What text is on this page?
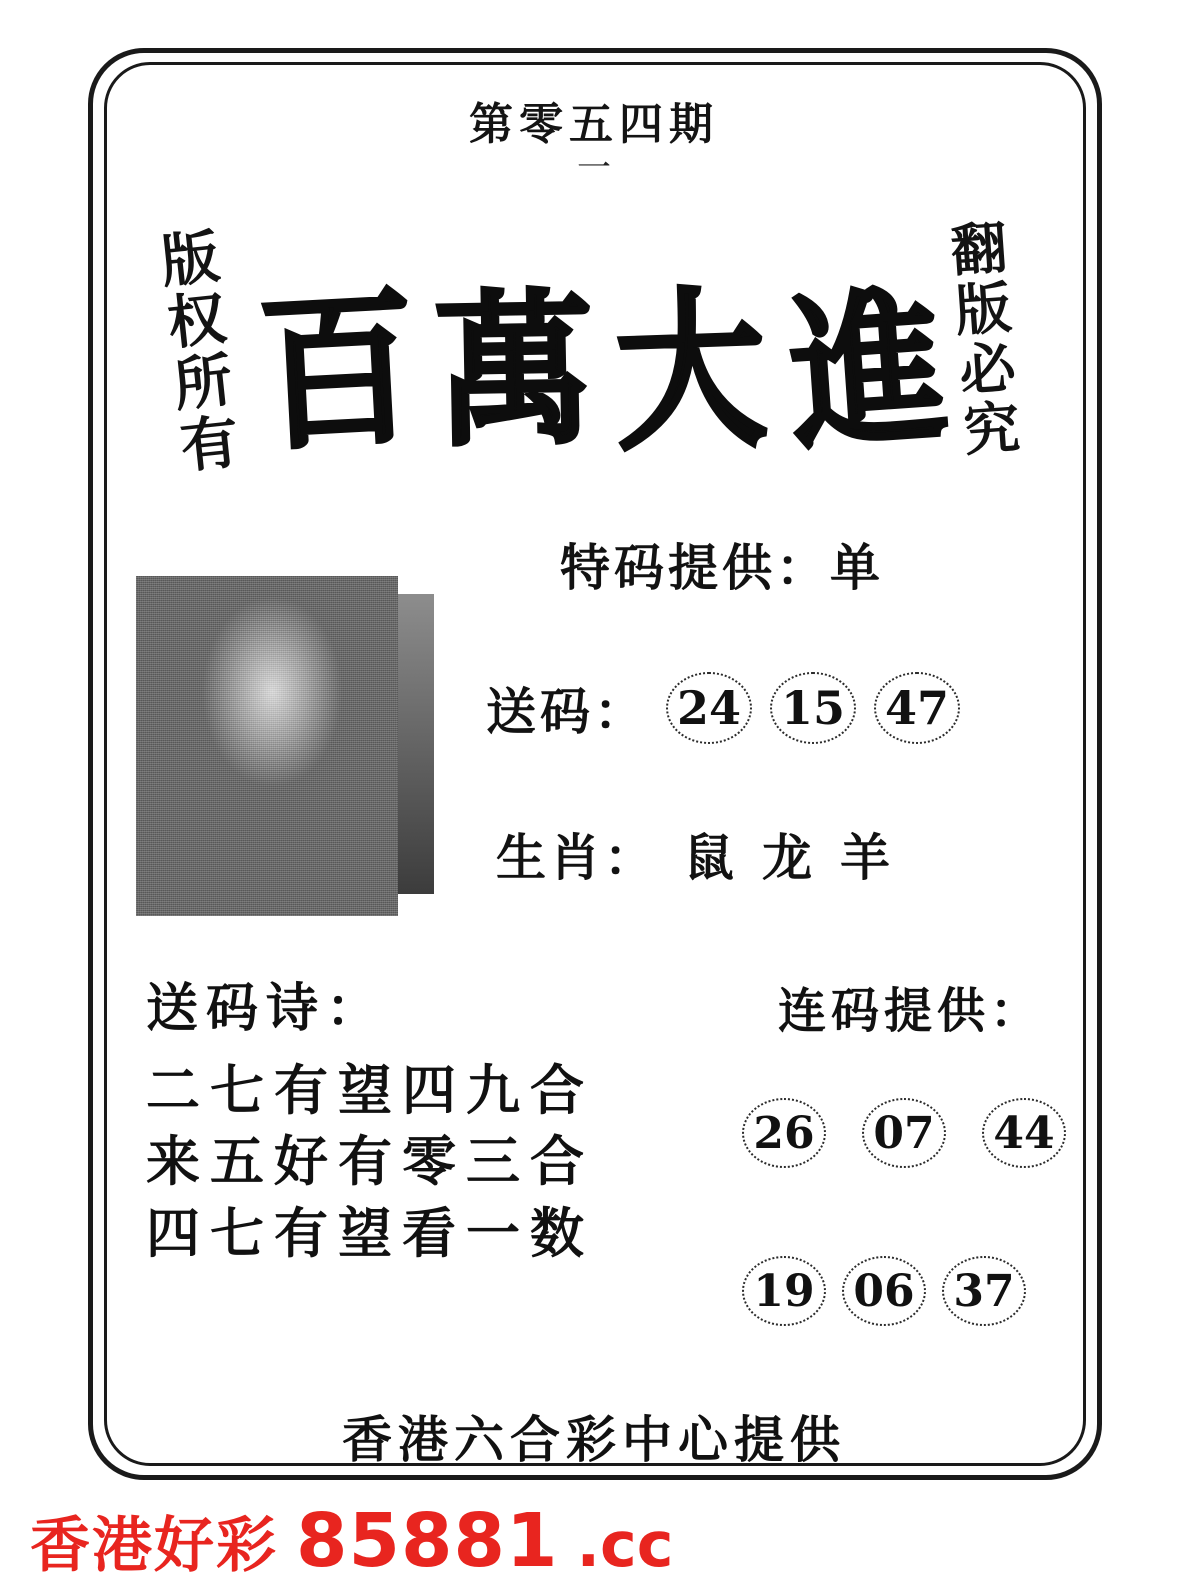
第零五四期
一
版权所有	翻版必究
百 萬 大 進
特码提供：单
送码： 24 15 47
生肖： 鼠 龙 羊
送码诗：
二七有望四九合
来五好有零三合
四七有望看一数
连码提供：
26 07 44
19 06 37
香港六合彩中心提供
香港好彩 85881 .cc
